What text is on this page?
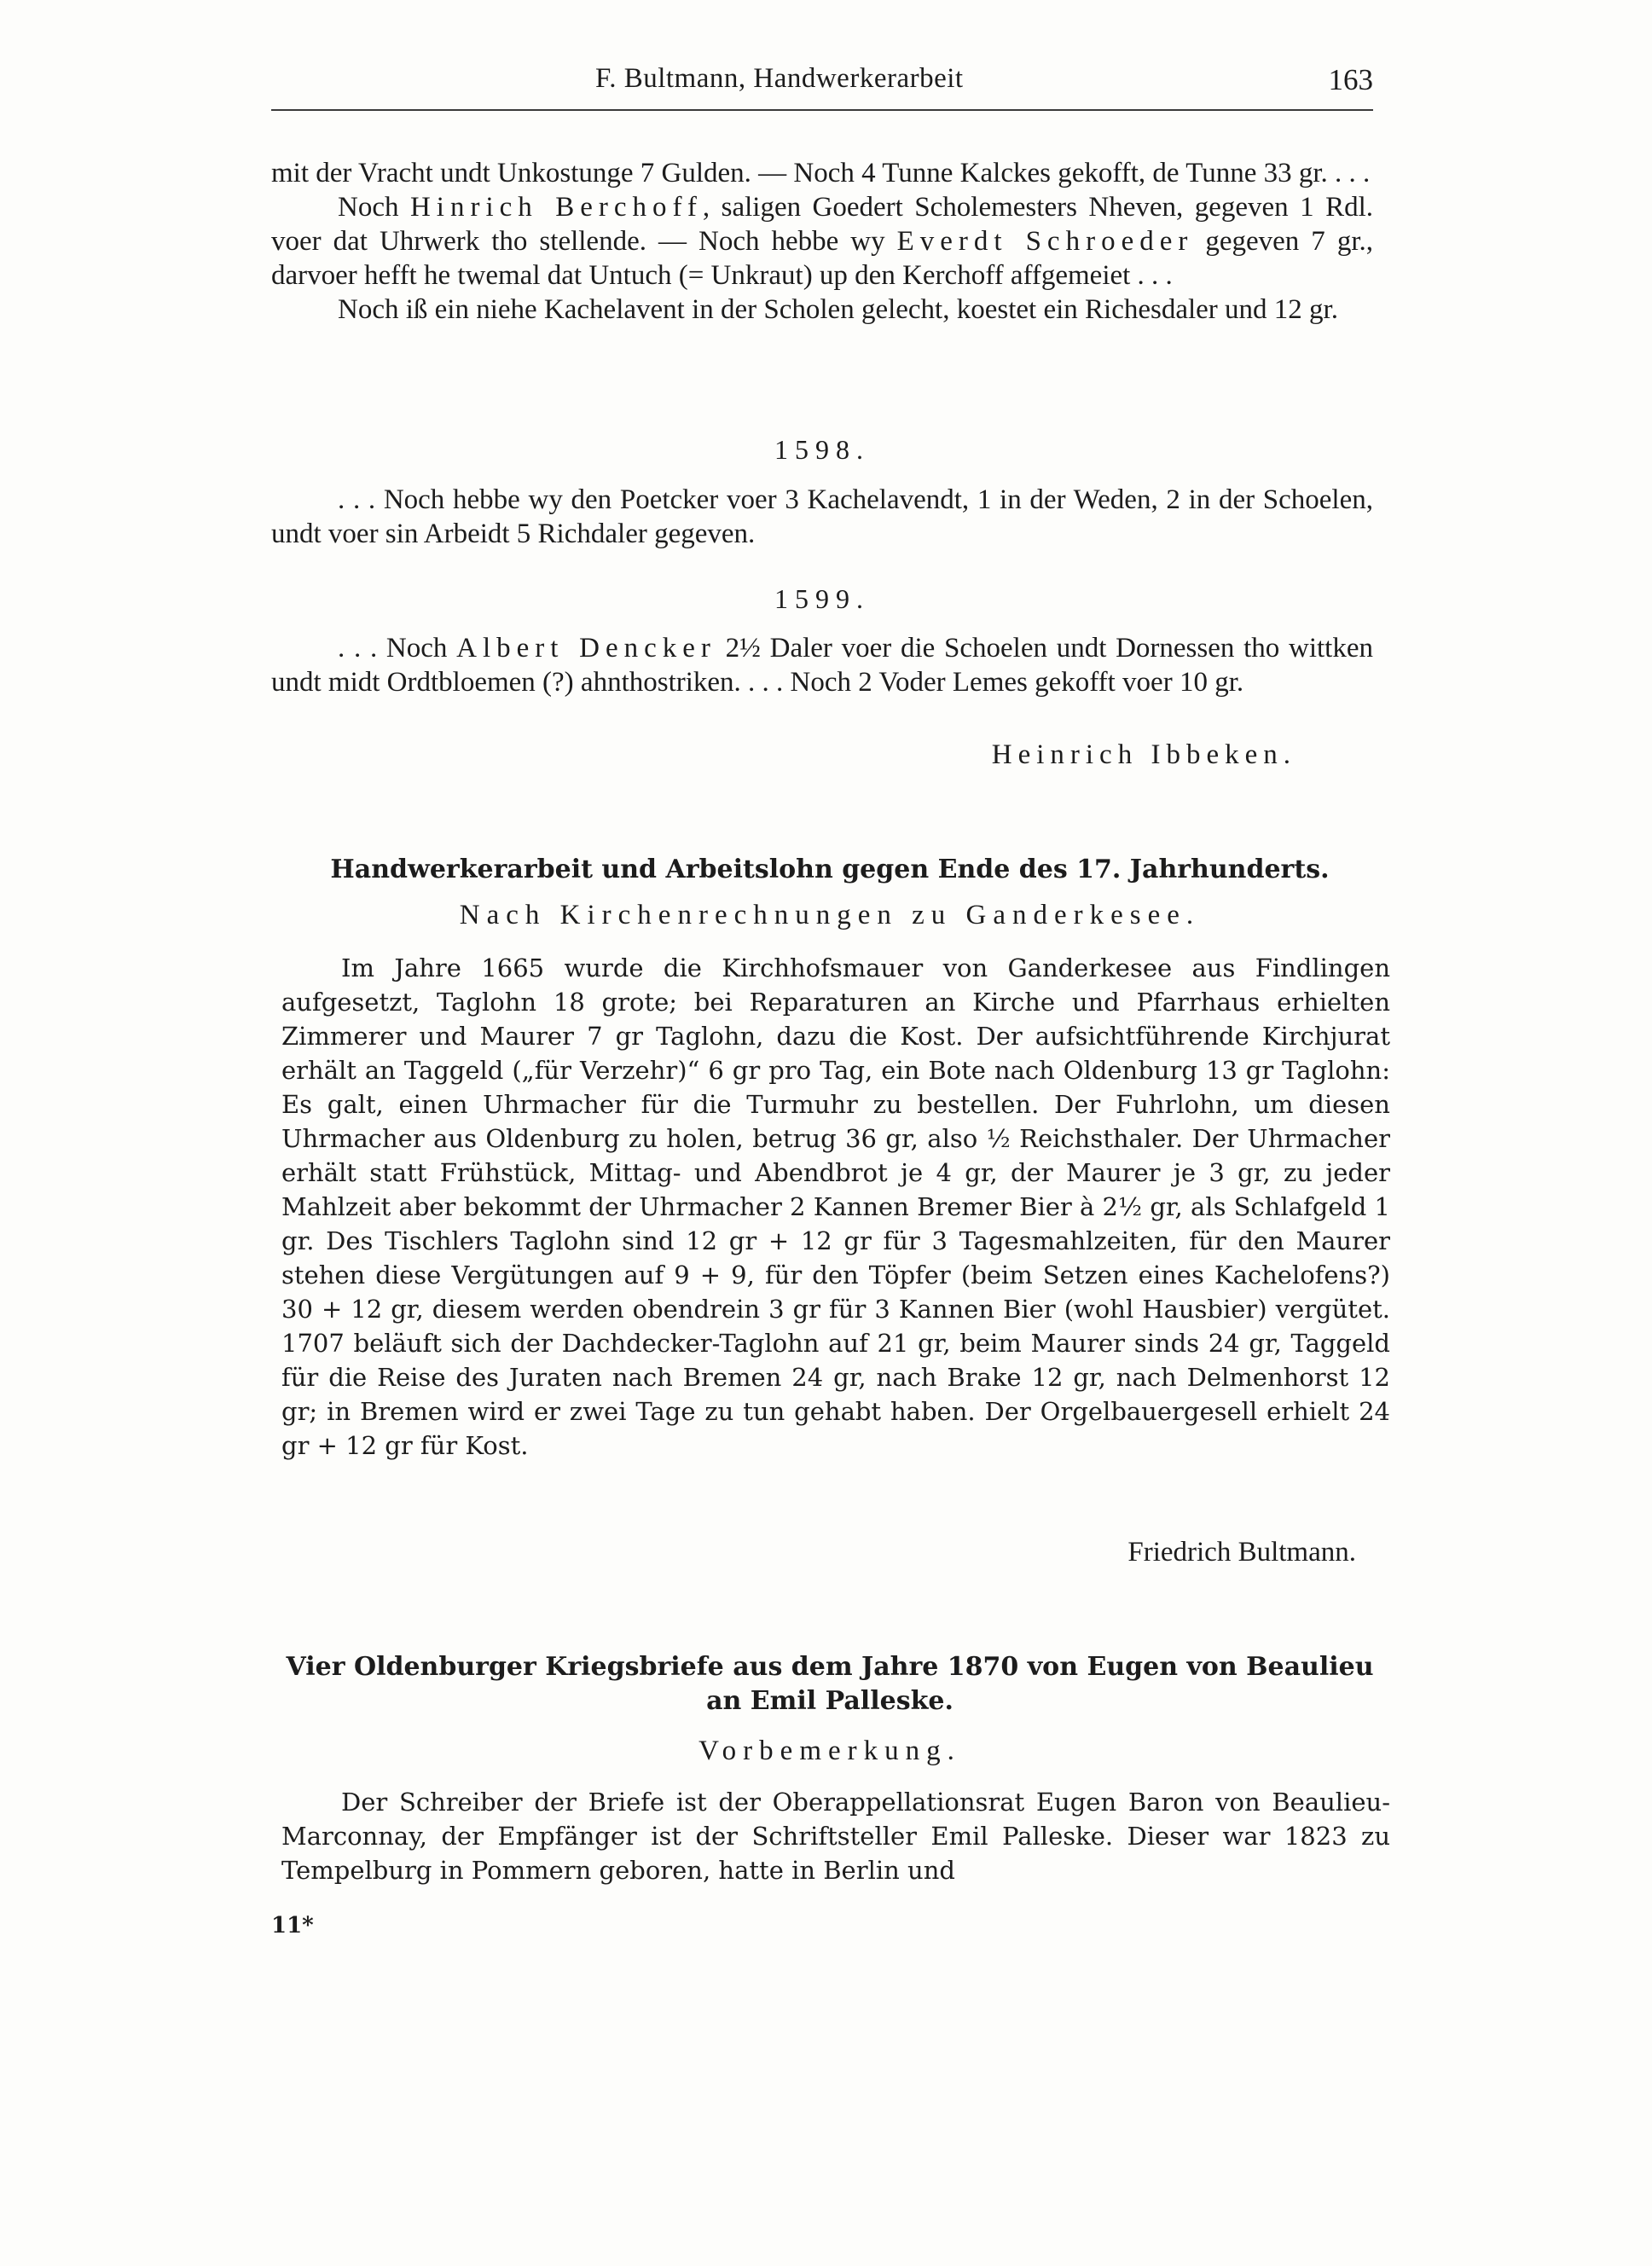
F. Bultmann, Handwerkerarbeit	163

mit der Vracht undt Unkostunge 7 Gulden. — Noch 4 Tunne Kalckes gekofft, de Tunne 33 gr. . . .

Noch Hinrich Berchoff, saligen Goedert Scholemesters Nheven, gegeven 1 Rdl. voer dat Uhrwerk tho stellende. — Noch hebbe wy Everdt Schroeder gegeven 7 gr., darvoer hefft he twemal dat Untuch (= Unkraut) up den Kerchoff affgemeiet . . .

Noch iß ein niehe Kachelavent in der Scholen gelecht, koestet ein Richesdaler und 12 gr.

1598.

. . . Noch hebbe wy den Poetcker voer 3 Kachelavendt, 1 in der Weden, 2 in der Schoelen, undt voer sin Arbeidt 5 Richdaler gegeven.

1599.

. . . Noch Albert Dencker 2½ Daler voer die Schoelen undt Dornessen tho wittken undt midt Ordtbloemen (?) ahnthostriken. . . . Noch 2 Voder Lemes gekofft voer 10 gr.

Heinrich Ibbeken.
Handwerkerarbeit und Arbeitslohn gegen Ende des 17. Jahrhunderts.
Nach Kirchenrechnungen zu Ganderkesee.

Im Jahre 1665 wurde die Kirchhofsmauer von Ganderkesee aus Findlingen aufgesetzt, Taglohn 18 grote; bei Reparaturen an Kirche und Pfarrhaus erhielten Zimmerer und Maurer 7 gr Taglohn, dazu die Kost. Der aufsichtführende Kirchjurat erhält an Taggeld („für Verzehr)“ 6 gr pro Tag, ein Bote nach Oldenburg 13 gr Taglohn: Es galt, einen Uhrmacher für die Turmuhr zu bestellen. Der Fuhrlohn, um diesen Uhrmacher aus Oldenburg zu holen, betrug 36 gr, also ½ Reichsthaler. Der Uhrmacher erhält statt Frühstück, Mittag- und Abendbrot je 4 gr, der Maurer je 3 gr, zu jeder Mahlzeit aber bekommt der Uhrmacher 2 Kannen Bremer Bier à 2½ gr, als Schlafgeld 1 gr. Des Tischlers Taglohn sind 12 gr + 12 gr für 3 Tagesmahlzeiten, für den Maurer stehen diese Vergütungen auf 9 + 9, für den Töpfer (beim Setzen eines Kachelofens?) 30 + 12 gr, diesem werden obendrein 3 gr für 3 Kannen Bier (wohl Hausbier) vergütet. 1707 beläuft sich der Dachdecker-Taglohn auf 21 gr, beim Maurer sinds 24 gr, Taggeld für die Reise des Juraten nach Bremen 24 gr, nach Brake 12 gr, nach Delmenhorst 12 gr; in Bremen wird er zwei Tage zu tun gehabt haben. Der Orgelbauergesell erhielt 24 gr + 12 gr für Kost.

Friedrich Bultmann.
Vier Oldenburger Kriegsbriefe aus dem Jahre 1870 von Eugen von Beaulieu
an Emil Palleske.
Vorbemerkung.

Der Schreiber der Briefe ist der Oberappellationsrat Eugen Baron von Beaulieu-Marconnay, der Empfänger ist der Schriftsteller Emil Palleske. Dieser war 1823 zu Tempelburg in Pommern geboren, hatte in Berlin und

11*
